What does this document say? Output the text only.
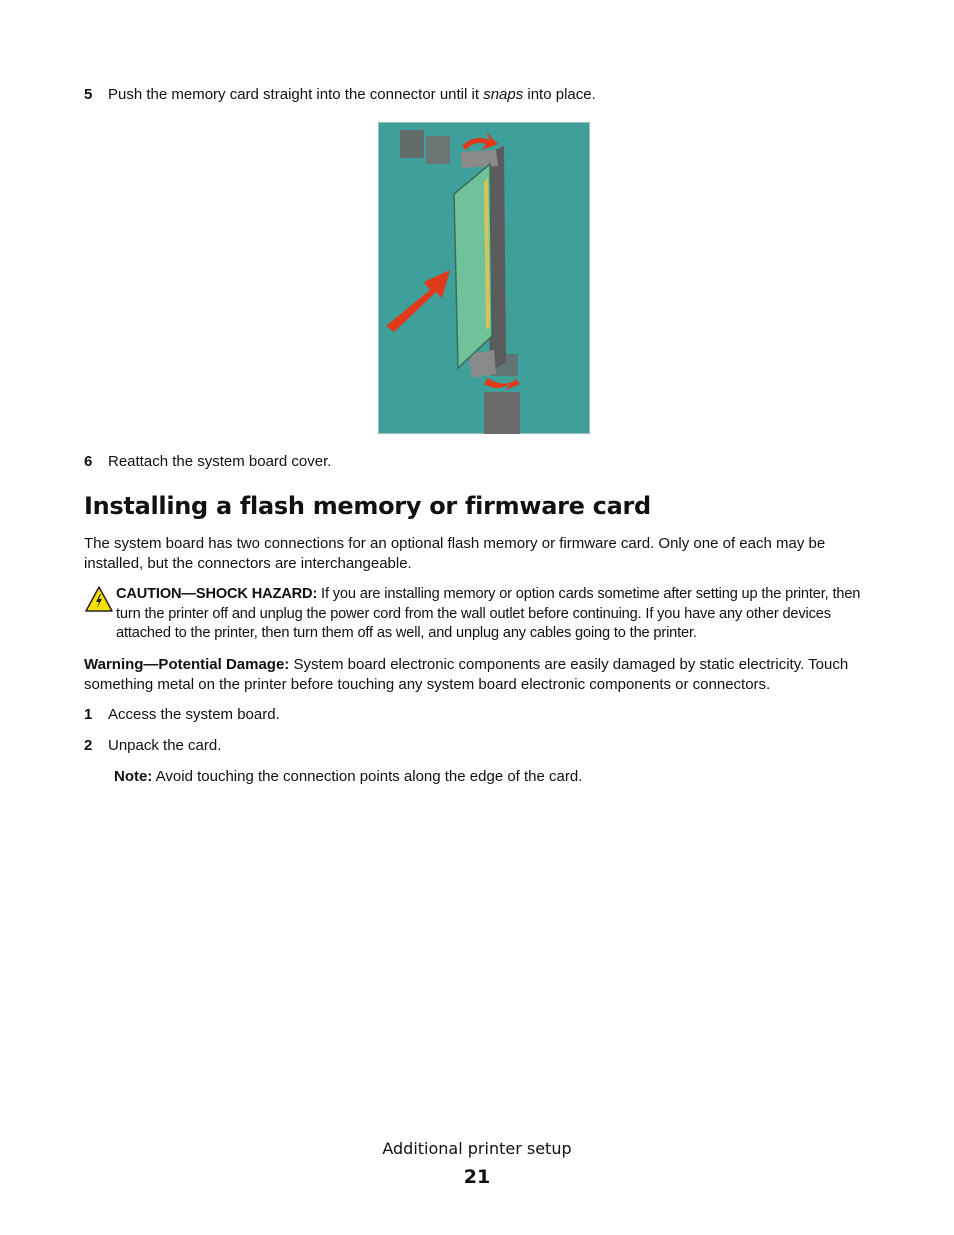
5	Push the memory card straight into the connector until it snaps into place.
6	Reattach the system board cover.
Installing a flash memory or firmware card
The system board has two connections for an optional flash memory or firmware card. Only one of each may be installed, but the connectors are interchangeable.
CAUTION—SHOCK HAZARD: If you are installing memory or option cards sometime after setting up the printer, then turn the printer off and unplug the power cord from the wall outlet before continuing. If you have any other devices attached to the printer, then turn them off as well, and unplug any cables going to the printer.
Warning—Potential Damage: System board electronic components are easily damaged by static electricity. Touch something metal on the printer before touching any system board electronic components or connectors.
1	Access the system board.
2	Unpack the card.
Note: Avoid touching the connection points along the edge of the card.
Additional printer setup
21
